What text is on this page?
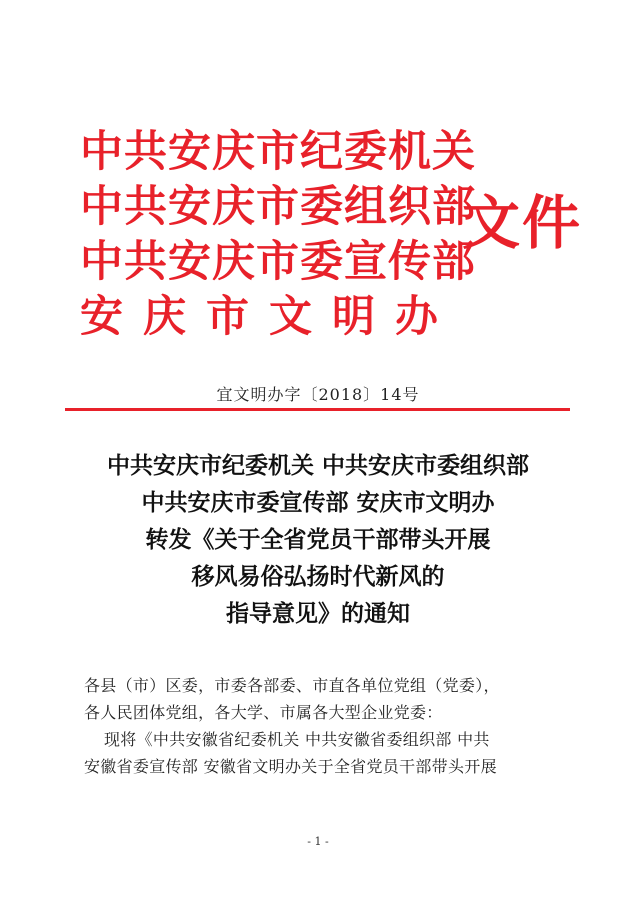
中共安庆市纪委机关
中共安庆市委组织部
中共安庆市委宣传部
安庆市文明办
文件
宜文明办字〔2018〕14号
中共安庆市纪委机关 中共安庆市委组织部
中共安庆市委宣传部 安庆市文明办
转发《关于全省党员干部带头开展
移风易俗弘扬时代新风的
指导意见》的通知
各县（市）区委，市委各部委、市直各单位党组（党委），
各人民团体党组，各大学、市属各大型企业党委：
现将《中共安徽省纪委机关 中共安徽省委组织部 中共
安徽省委宣传部 安徽省文明办关于全省党员干部带头开展
- 1 -
